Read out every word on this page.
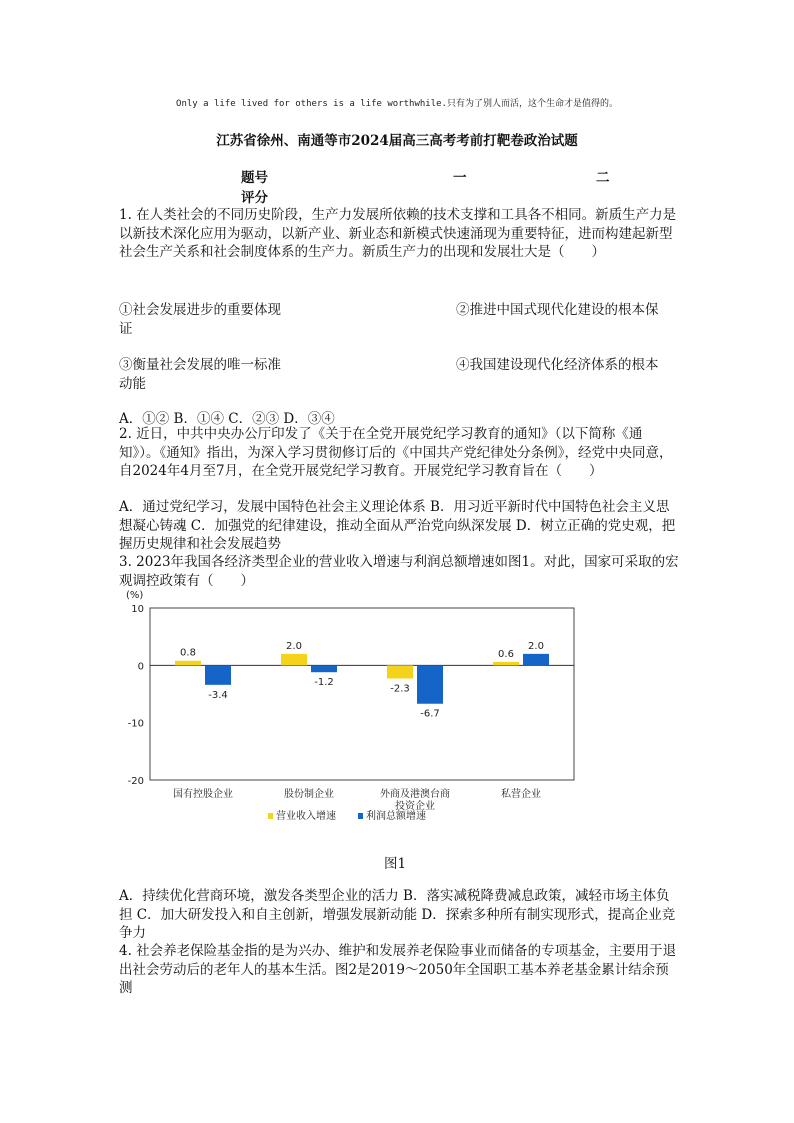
Only a life lived for others is a life worthwhile.只有为了别人而活，这个生命才是值得的。
江苏省徐州、南通等市2024届高三高考考前打靶卷政治试题
题号	一	二
评分

1. 在人类社会的不同历史阶段，生产力发展所依赖的技术支撑和工具各不相同。新质生产力是以新技术深化应用为驱动，以新产业、新业态和新模式快速涌现为重要特征，进而构建起新型社会生产关系和社会制度体系的生产力。新质生产力的出现和发展壮大是（　　）

①社会发展进步的重要体现	②推进中国式现代化建设的根本保
证
③衡量社会发展的唯一标准	④我国建设现代化经济体系的根本
动能
A．①② B．①④ C．②③ D．③④

2. 近日，中共中央办公厅印发了《关于在全党开展党纪学习教育的通知》（以下简称《通知》）。《通知》指出，为深入学习贯彻修订后的《中国共产党纪律处分条例》，经党中央同意，自2024年4月至7月，在全党开展党纪学习教育。开展党纪学习教育旨在（　　）

A．通过党纪学习，发展中国特色社会主义理论体系 B．用习近平新时代中国特色社会主义思想凝心铸魂 C．加强党的纪律建设，推动全面从严治党向纵深发展 D．树立正确的党史观，把握历史规律和社会发展趋势

3. 2023年我国各经济类型企业的营业收入增速与利润总额增速如图1。对此，国家可采取的宏观调控政策有（　　）

(%)
10
0
-10
-20
0.8
-3.4
国有控股企业
2.0
-1.2
股份制企业
-2.3
-6.7
外商及港澳台商
投资企业
0.6
2.0
私营企业
营业收入增速	利润总额增速
图1

A．持续优化营商环境，激发各类型企业的活力 B．落实减税降费减息政策，减轻市场主体负担 C．加大研发投入和自主创新，增强发展新动能 D．探索多种所有制实现形式，提高企业竞争力

4. 社会养老保险基金指的是为兴办、维护和发展养老保险事业而储备的专项基金，主要用于退出社会劳动后的老年人的基本生活。图2是2019～2050年全国职工基本养老基金累计结余预测
